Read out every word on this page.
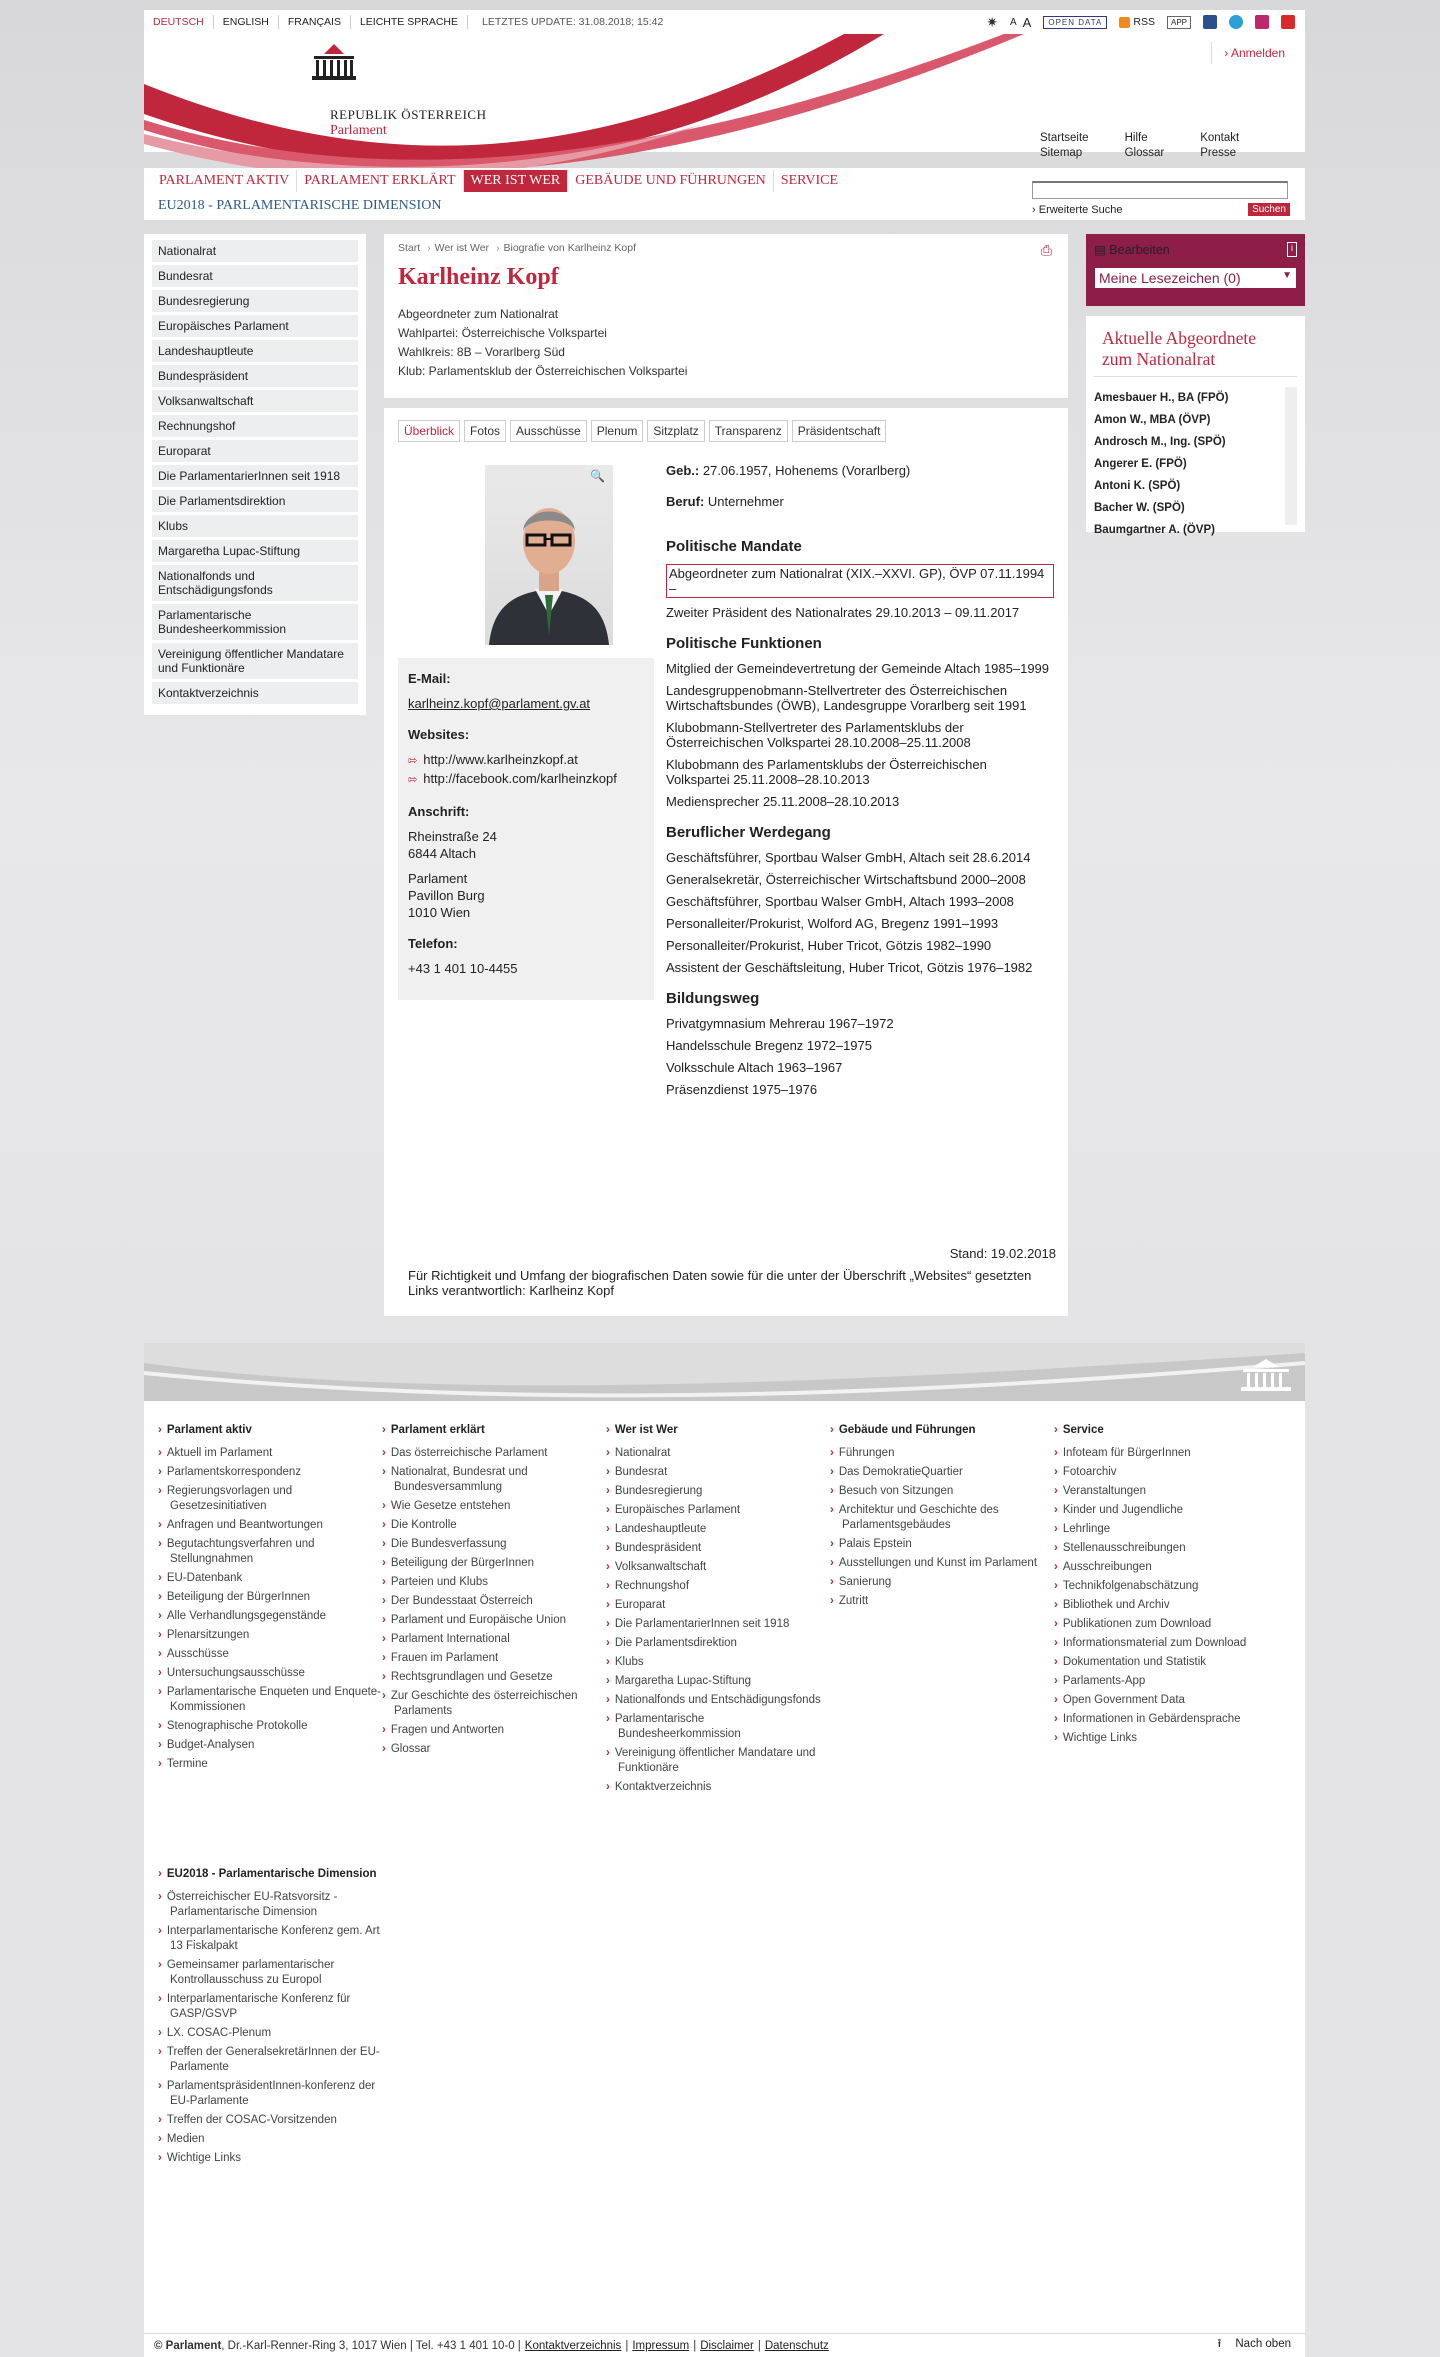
DEUTSCH	ENGLISH	FRANÇAIS	LEICHTE SPRACHE	LETZTES UPDATE: 31.08.2018; 15:42	✷ A A	OPEN DATA	RSS	APP
REPUBLIK ÖSTERREICH
Parlament
› Anmelden
Startseite
Sitemap
Hilfe
Glossar
Kontakt
Presse
PARLAMENT AKTIV	PARLAMENT ERKLÄRT	WER IST WER	GEBÄUDE UND FÜHRUNGEN	SERVICE
EU2018 - PARLAMENTARISCHE DIMENSION	› Erweiterte Suche	Suchen
Nationalrat
Bundesrat
Bundesregierung
Europäisches Parlament
Landeshauptleute
Bundespräsident
Volksanwaltschaft
Rechnungshof
Europarat
Die ParlamentarierInnen seit 1918
Die Parlamentsdirektion
Klubs
Margaretha Lupac-Stiftung
Nationalfonds und Entschädigungsfonds
Parlamentarische Bundesheerkommission
Vereinigung öffentlicher Mandatare und Funktionäre
Kontaktverzeichnis
Start › Wer ist Wer › Biografie von Karlheinz Kopf	⎙
Karlheinz Kopf
Abgeordneter zum Nationalrat
Wahlpartei: Österreichische Volkspartei
Wahlkreis: 8B – Vorarlberg Süd
Klub: Parlamentsklub der Österreichischen Volkspartei
Überblick	Fotos	Ausschüsse	Plenum	Sitzplatz	Transparenz	Präsidentschaft
🔍
E-Mail:
karlheinz.kopf@parlament.gv.at
Websites:
⇰ http://www.karlheinzkopf.at
⇰ http://facebook.com/karlheinzkopf
Anschrift:
Rheinstraße 24
6844 Altach
Parlament
Pavillon Burg
1010 Wien
Telefon:
+43 1 401 10-4455

Geb.: 27.06.1957, Hohenems (Vorarlberg)

Beruf: Unternehmer

Politische Mandate

Abgeordneter zum Nationalrat (XIX.–XXVI. GP), ÖVP 07.11.1994 –

Zweiter Präsident des Nationalrates 29.10.2013 – 09.11.2017

Politische Funktionen

Mitglied der Gemeindevertretung der Gemeinde Altach 1985–1999

Landesgruppenobmann-Stellvertreter des Österreichischen Wirtschaftsbundes (ÖWB), Landesgruppe Vorarlberg seit 1991

Klubobmann-Stellvertreter des Parlamentsklubs der Österreichischen Volkspartei 28.10.2008–25.11.2008

Klubobmann des Parlamentsklubs der Österreichischen Volkspartei 25.11.2008–28.10.2013

Mediensprecher 25.11.2008–28.10.2013

Beruflicher Werdegang

Geschäftsführer, Sportbau Walser GmbH, Altach seit 28.6.2014

Generalsekretär, Österreichischer Wirtschaftsbund 2000–2008

Geschäftsführer, Sportbau Walser GmbH, Altach 1993–2008

Personalleiter/Prokurist, Wolford AG, Bregenz 1991–1993

Personalleiter/Prokurist, Huber Tricot, Götzis 1982–1990

Assistent der Geschäftsleitung, Huber Tricot, Götzis 1976–1982

Bildungsweg

Privatgymnasium Mehrerau 1967–1972

Handelsschule Bregenz 1972–1975

Volksschule Altach 1963–1967

Präsenzdienst 1975–1976

Stand: 19.02.2018
Für Richtigkeit und Umfang der biografischen Daten sowie für die unter der Überschrift „Websites“ gesetzten Links verantwortlich: Karlheinz Kopf
▤ Bearbeiten	i
Meine Lesezeichen (0)	▼
Aktuelle Abgeordnete zum Nationalrat
Amesbauer H., BA (FPÖ)
Amon W., MBA (ÖVP)
Androsch M., Ing. (SPÖ)
Angerer E. (FPÖ)
Antoni K. (SPÖ)
Bacher W. (SPÖ)
Baumgartner A. (ÖVP)
› Parlament aktiv
› Aktuell im Parlament
› Parlamentskorrespondenz
› Regierungsvorlagen und Gesetzesinitiativen
› Anfragen und Beantwortungen
› Begutachtungsverfahren und Stellungnahmen
› EU-Datenbank
› Beteiligung der BürgerInnen
› Alle Verhandlungsgegenstände
› Plenarsitzungen
› Ausschüsse
› Untersuchungsausschüsse
› Parlamentarische Enqueten und Enquete-Kommissionen
› Stenographische Protokolle
› Budget-Analysen
› Termine
› Parlament erklärt
› Das österreichische Parlament
› Nationalrat, Bundesrat und Bundesversammlung
› Wie Gesetze entstehen
› Die Kontrolle
› Die Bundesverfassung
› Beteiligung der BürgerInnen
› Parteien und Klubs
› Der Bundesstaat Österreich
› Parlament und Europäische Union
› Parlament International
› Frauen im Parlament
› Rechtsgrundlagen und Gesetze
› Zur Geschichte des österreichischen Parlaments
› Fragen und Antworten
› Glossar
› Wer ist Wer
› Nationalrat
› Bundesrat
› Bundesregierung
› Europäisches Parlament
› Landeshauptleute
› Bundespräsident
› Volksanwaltschaft
› Rechnungshof
› Europarat
› Die ParlamentarierInnen seit 1918
› Die Parlamentsdirektion
› Klubs
› Margaretha Lupac-Stiftung
› Nationalfonds und Entschädigungsfonds
› Parlamentarische Bundesheerkommission
› Vereinigung öffentlicher Mandatare und Funktionäre
› Kontaktverzeichnis
› Gebäude und Führungen
› Führungen
› Das DemokratieQuartier
› Besuch von Sitzungen
› Architektur und Geschichte des Parlamentsgebäudes
› Palais Epstein
› Ausstellungen und Kunst im Parlament
› Sanierung
› Zutritt
› Service
› Infoteam für BürgerInnen
› Fotoarchiv
› Veranstaltungen
› Kinder und Jugendliche
› Lehrlinge
› Stellenausschreibungen
› Ausschreibungen
› Technikfolgenabschätzung
› Bibliothek und Archiv
› Publikationen zum Download
› Informationsmaterial zum Download
› Dokumentation und Statistik
› Parlaments-App
› Open Government Data
› Informationen in Gebärdensprache
› Wichtige Links
› EU2018 - Parlamentarische Dimension
› Österreichischer EU-Ratsvorsitz - Parlamentarische Dimension
› Interparlamentarische Konferenz gem. Art 13 Fiskalpakt
› Gemeinsamer parlamentarischer Kontrollausschuss zu Europol
› Interparlamentarische Konferenz für GASP/GSVP
› LX. COSAC-Plenum
› Treffen der GeneralsekretärInnen der EU-Parlamente
› ParlamentspräsidentInnen-konferenz der EU-Parlamente
› Treffen der COSAC-Vorsitzenden
› Medien
› Wichtige Links
© Parlament , Dr.-Karl-Renner-Ring 3, 1017 Wien | Tel. +43 1 401 10-0 | Kontaktverzeichnis | Impressum | Disclaimer | Datenschutz	⭱ Nach oben
